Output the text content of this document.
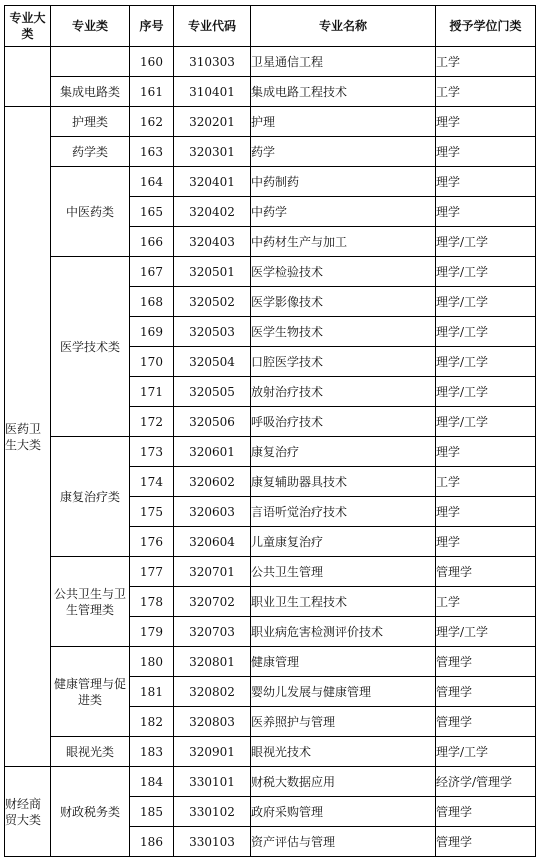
专业大类	专业类	序号	专业代码	专业名称	授予学位门类
		160	310303	卫星通信工程	工学
	集成电路类	161	310401	集成电路工程技术	工学
医药卫生大类	护理类	162	320201	护理	理学
	药学类	163	320301	药学	理学
	中医药类	164	320401	中药制药	理学
		165	320402	中药学	理学
		166	320403	中药材生产与加工	理学/工学
	医学技术类	167	320501	医学检验技术	理学/工学
		168	320502	医学影像技术	理学/工学
		169	320503	医学生物技术	理学/工学
		170	320504	口腔医学技术	理学/工学
		171	320505	放射治疗技术	理学/工学
		172	320506	呼吸治疗技术	理学/工学
	康复治疗类	173	320601	康复治疗	理学
		174	320602	康复辅助器具技术	工学
		175	320603	言语听觉治疗技术	理学
		176	320604	儿童康复治疗	理学
	公共卫生与卫生管理类	177	320701	公共卫生管理	管理学
		178	320702	职业卫生工程技术	工学
		179	320703	职业病危害检测评价技术	理学/工学
	健康管理与促进类	180	320801	健康管理	管理学
		181	320802	婴幼儿发展与健康管理	管理学
		182	320803	医养照护与管理	管理学
	眼视光类	183	320901	眼视光技术	理学/工学
财经商贸大类	财政税务类	184	330101	财税大数据应用	经济学/管理学
		185	330102	政府采购管理	管理学
		186	330103	资产评估与管理	管理学
